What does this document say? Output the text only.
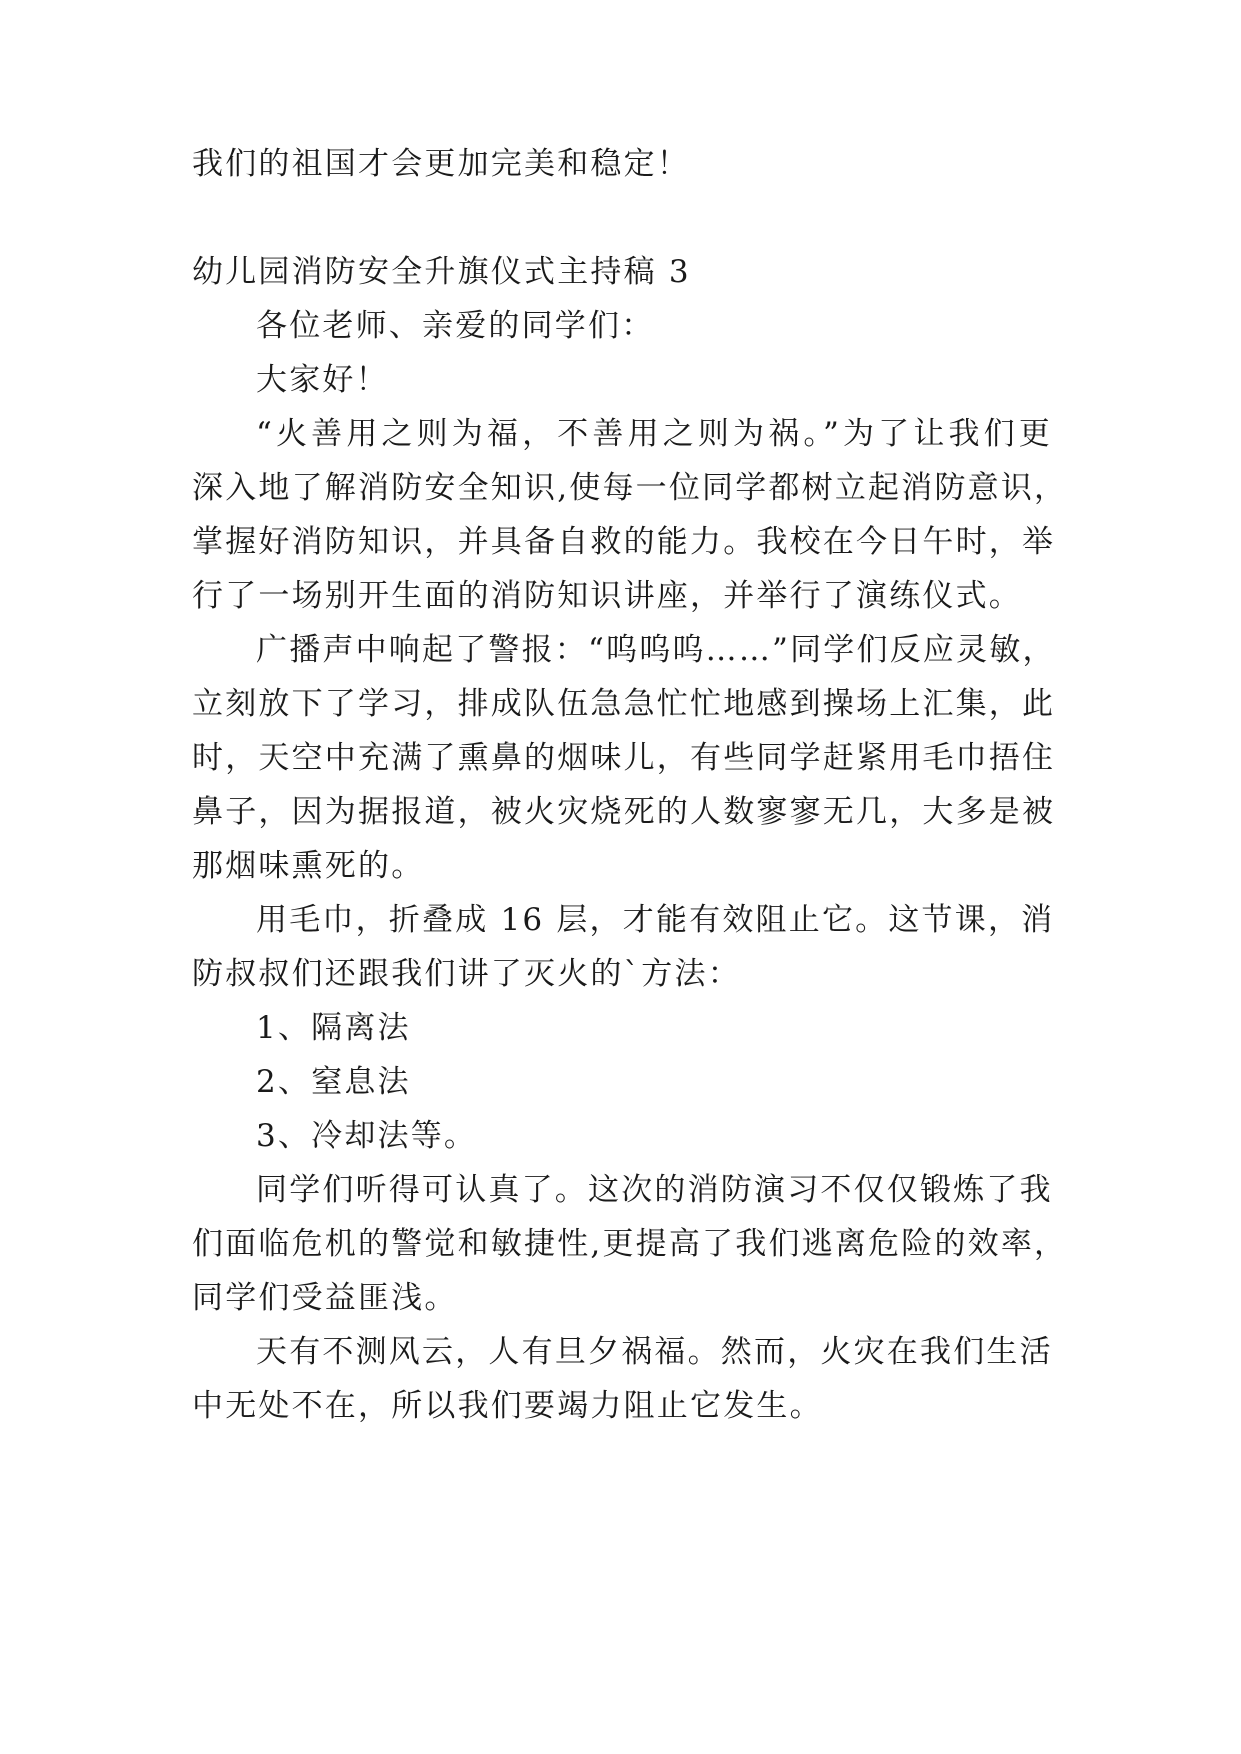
我们的祖国才会更加完美和稳定！
幼儿园消防安全升旗仪式主持稿 3
各位老师、亲爱的同学们：
大家好！
“火善用之则为福，不善用之则为祸。”为了让我们更
深入地了解消防安全知识,使每一位同学都树立起消防意识，
掌握好消防知识，并具备自救的能力。我校在今日午时，举
行了一场别开生面的消防知识讲座，并举行了演练仪式。
广播声中响起了警报：“呜呜呜……”同学们反应灵敏，
立刻放下了学习，排成队伍急急忙忙地感到操场上汇集，此
时，天空中充满了熏鼻的烟味儿，有些同学赶紧用毛巾捂住
鼻子，因为据报道，被火灾烧死的人数寥寥无几，大多是被
那烟味熏死的。
用毛巾，折叠成 16 层，才能有效阻止它。这节课，消
防叔叔们还跟我们讲了灭火的`方法：
1、隔离法
2、窒息法
3、冷却法等。
同学们听得可认真了。这次的消防演习不仅仅锻炼了我
们面临危机的警觉和敏捷性,更提高了我们逃离危险的效率，
同学们受益匪浅。
天有不测风云，人有旦夕祸福。然而，火灾在我们生活
中无处不在，所以我们要竭力阻止它发生。
